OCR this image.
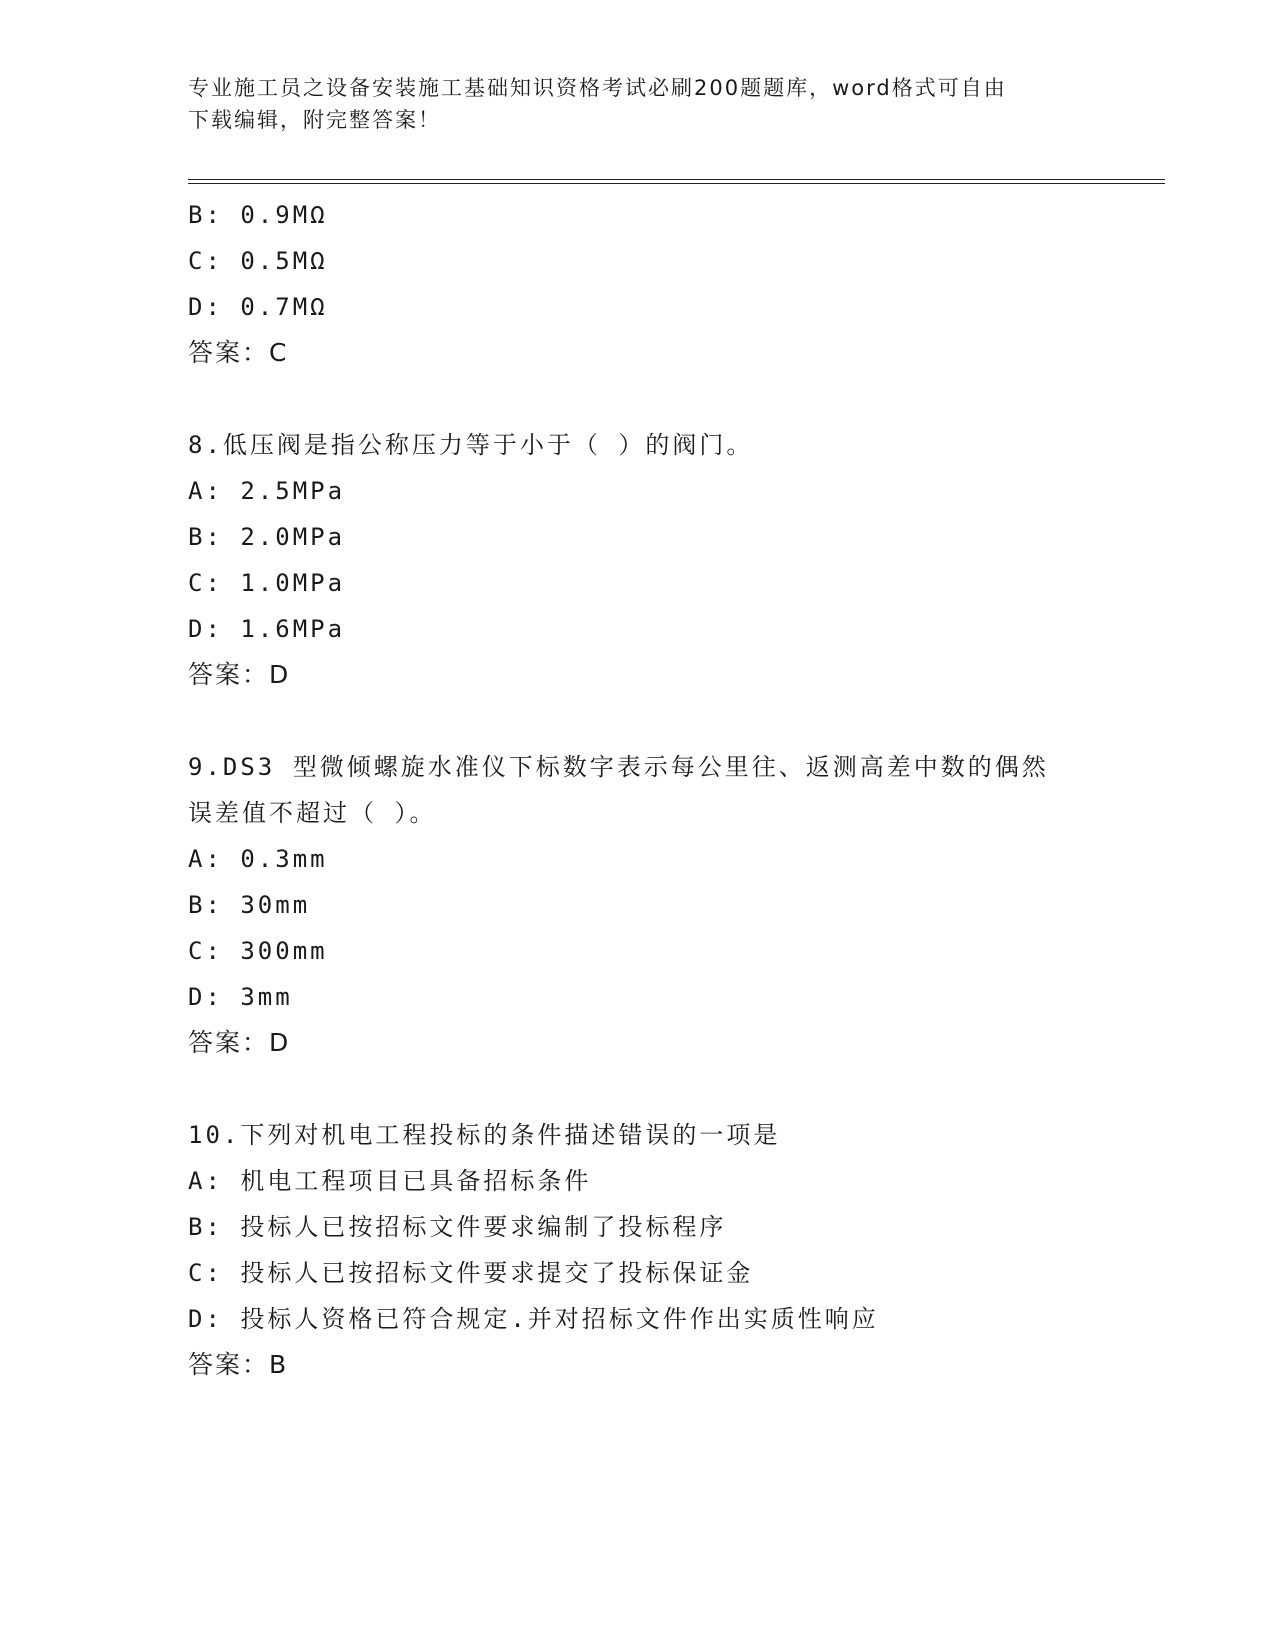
专业施工员之设备安装施工基础知识资格考试必刷200题题库，word格式可自由
下载编辑，附完整答案！
B: 0.9MΩ
C: 0.5MΩ
D: 0.7MΩ
答案：C
8.低压阀是指公称压力等于小于（ ）的阀门。
A: 2.5MPa
B: 2.0MPa
C: 1.0MPa
D: 1.6MPa
答案：D
9.DS3 型微倾螺旋水准仪下标数字表示每公里往、返测高差中数的偶然
误差值不超过（ ）。
A: 0.3mm
B: 30mm
C: 300mm
D: 3mm
答案：D
10.下列对机电工程投标的条件描述错误的一项是
A: 机电工程项目已具备招标条件
B: 投标人已按招标文件要求编制了投标程序
C: 投标人已按招标文件要求提交了投标保证金
D: 投标人资格已符合规定.并对招标文件作出实质性响应
答案：B
